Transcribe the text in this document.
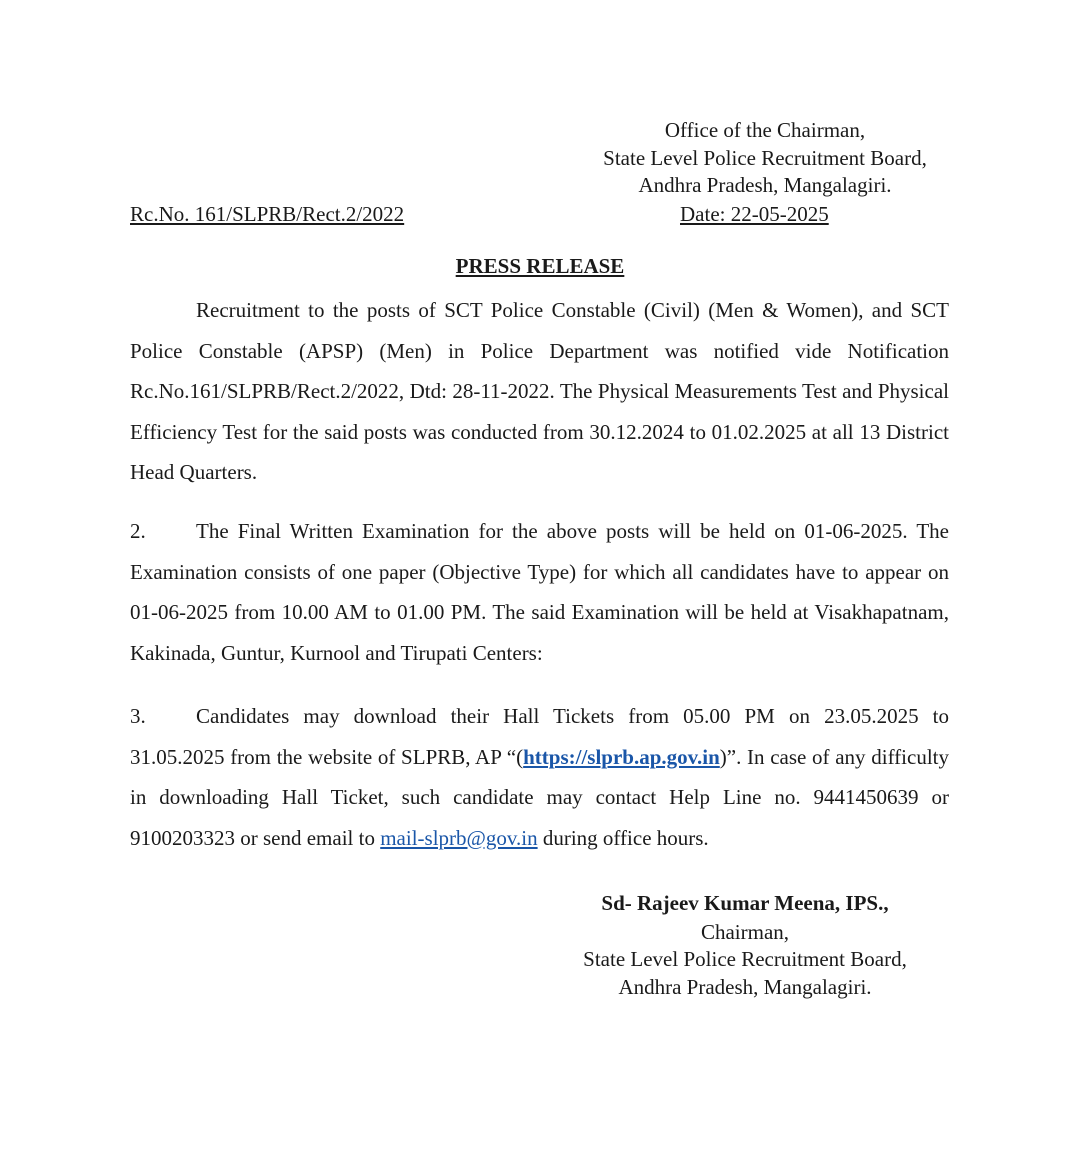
Office of the Chairman,
State Level Police Recruitment Board,
Andhra Pradesh, Mangalagiri.
Rc.No. 161/SLPRB/Rect.2/2022	Date: 22-05-2025
PRESS RELEASE

Recruitment to the posts of SCT Police Constable (Civil) (Men & Women), and SCT Police Constable (APSP) (Men) in Police Department was notified vide Notification Rc.No.161/SLPRB/Rect.2/2022, Dtd: 28-11-2022. The Physical Measurements Test and Physical Efficiency Test for the said posts was conducted from 30.12.2024 to 01.02.2025 at all 13 District Head Quarters.

2. The Final Written Examination for the above posts will be held on 01-06-2025. The Examination consists of one paper (Objective Type) for which all candidates have to appear on 01-06-2025 from 10.00 AM to 01.00 PM. The said Examination will be held at Visakhapatnam, Kakinada, Guntur, Kurnool and Tirupati Centers:

3. Candidates may download their Hall Tickets from 05.00 PM on 23.05.2025 to 31.05.2025 from the website of SLPRB, AP “(https://slprb.ap.gov.in)”. In case of any difficulty in downloading Hall Ticket, such candidate may contact Help Line no. 9441450639 or 9100203323 or send email to mail-slprb@gov.in during office hours.

Sd- Rajeev Kumar Meena, IPS.,
Chairman,
State Level Police Recruitment Board,
Andhra Pradesh, Mangalagiri.
